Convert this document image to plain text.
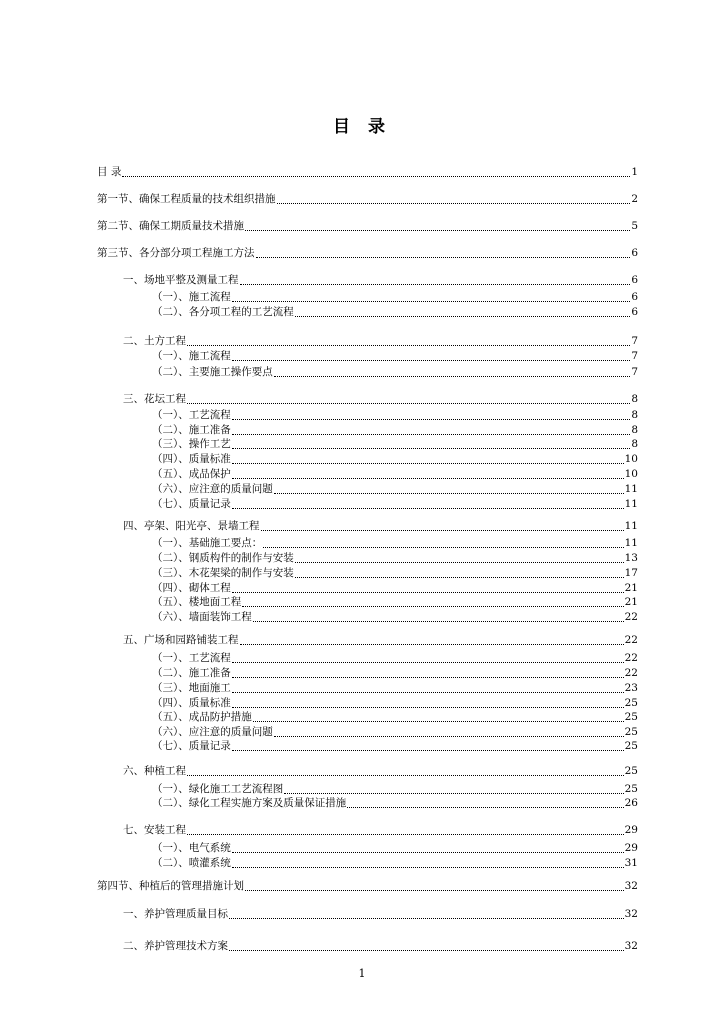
目 录
目 录	1
第一节、确保工程质量的技术组织措施	2
第二节、确保工期质量技术措施	5
第三节、各分部分项工程施工方法	6
一、场地平整及测量工程	6
（一）、施工流程	6
（二）、各分项工程的工艺流程	6
二、土方工程	7
（一）、施工流程	7
（二）、主要施工操作要点	7
三、花坛工程	8
（一）、工艺流程	8
（二）、施工准备	8
（三）、操作工艺	8
（四）、质量标准	10
（五）、成品保护	10
（六）、应注意的质量问题	11
（七）、质量记录	11
四、亭架、阳光亭、景墙工程	11
（一）、基础施工要点：	11
（二）、钢质构件的制作与安装	13
（三）、木花架梁的制作与安装	17
（四）、砌体工程	21
（五）、楼地面工程	21
（六）、墙面装饰工程	22
五、广场和园路铺装工程	22
（一）、工艺流程	22
（二）、施工准备	22
（三）、地面施工	23
（四）、质量标准	25
（五）、成品防护措施	25
（六）、应注意的质量问题	25
（七）、质量记录	25
六、种植工程	25
（一）、绿化施工工艺流程图	25
（二）、绿化工程实施方案及质量保证措施	26
七、安装工程	29
（一）、电气系统	29
（二）、喷灌系统	31
第四节、种植后的管理措施计划	32
一、养护管理质量目标	32
二、养护管理技术方案	32
1
